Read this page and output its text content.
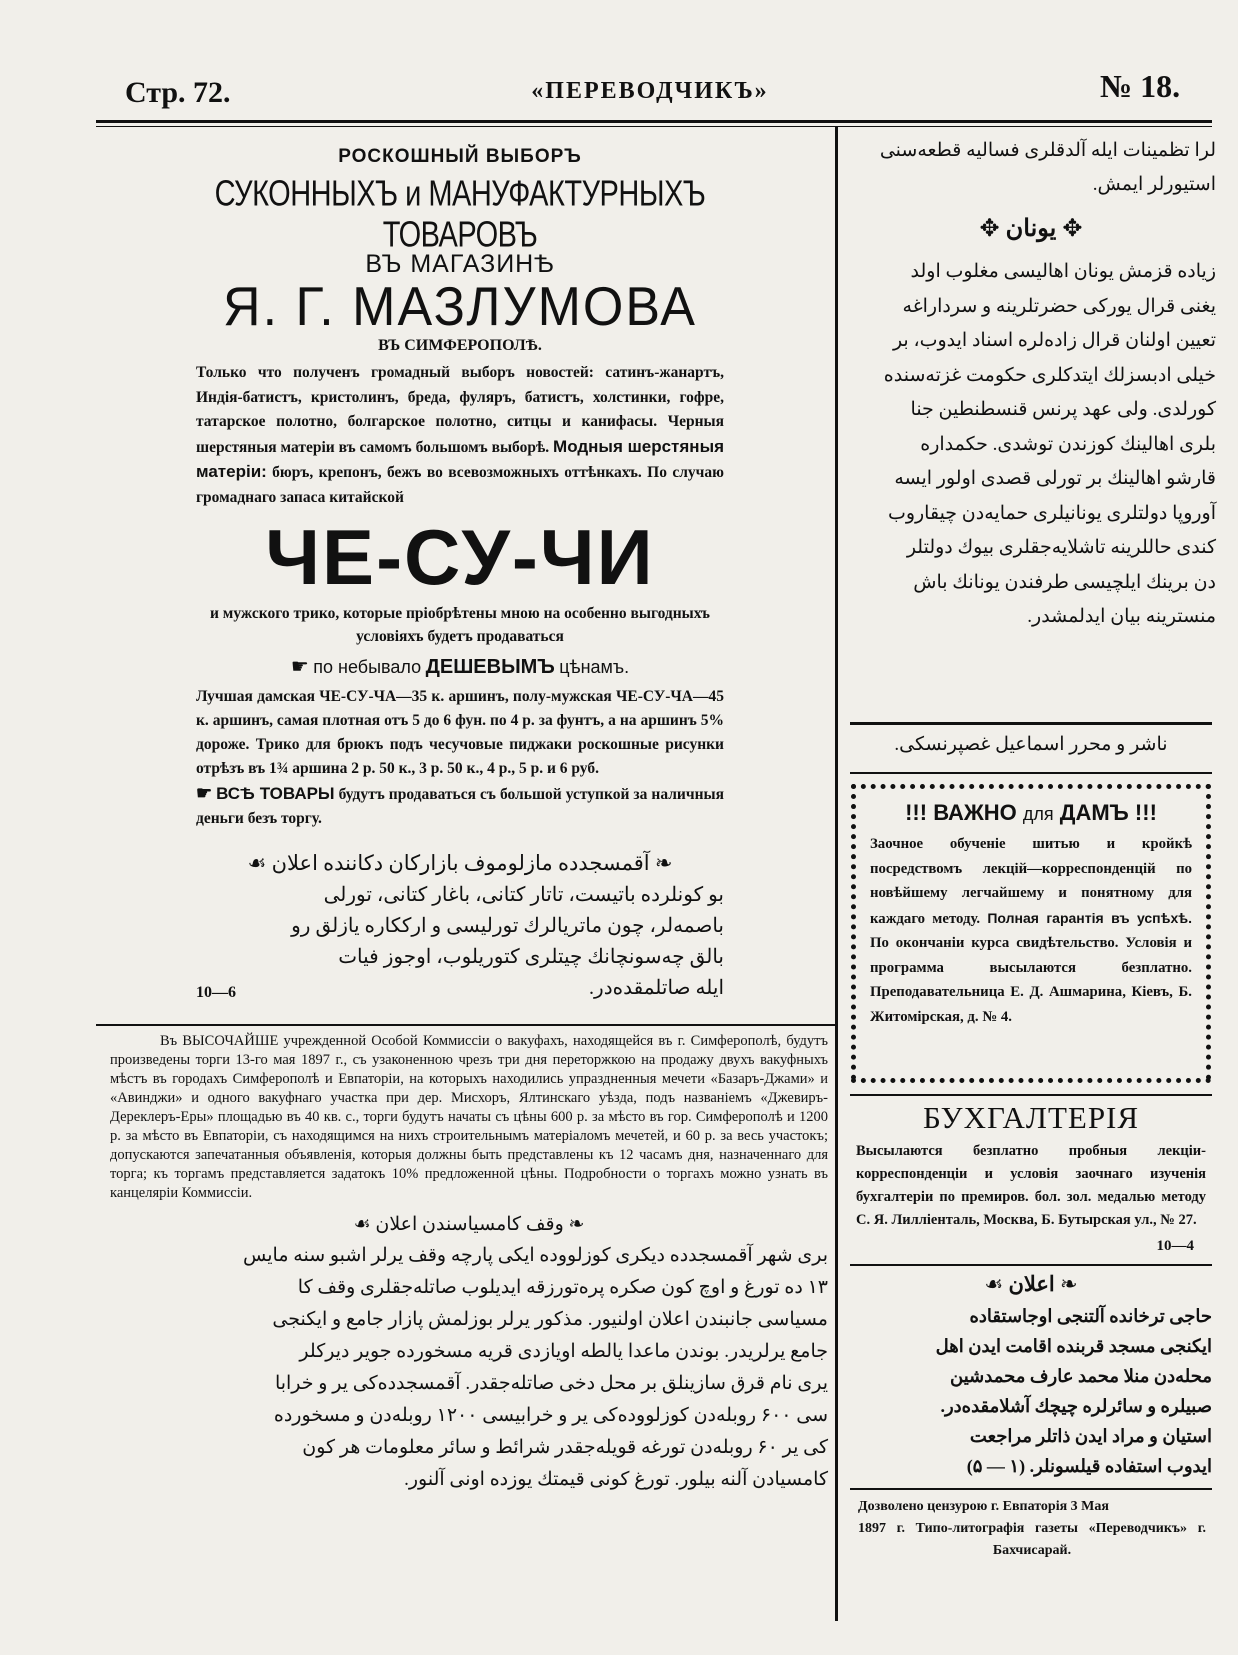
Стр. 72.	«ПЕРЕВОДЧИКЪ»	№ 18.
РОСКОШНЫЙ ВЫБОРЪ
СУКОННЫХЪ и МАНУФАКТУРНЫХЪ ТОВАРОВЪ
ВЪ МАГАЗИНѢ
Я. Г. МАЗЛУМОВА
ВЪ СИМФЕРОПОЛѢ.

Только что полученъ громадный выборъ новостей: сатинъ-жанартъ, Индія-батистъ, кристолинъ, бреда, фуляръ, батистъ, холстинки, гофре, татарское полотно, болгарское полотно, ситцы и канифасы. Черныя шерстяныя матеріи въ самомъ большомъ выборѣ. Модныя шерстяныя матеріи: бюръ, крепонъ, бежъ во всевозможныхъ оттѣнкахъ. По случаю громаднаго запаса китайской

ЧЕ-СУ-ЧИ

и мужского трико, которые пріобрѣтены мною на особенно выгодныхъ условіяхъ будетъ продаваться

☛ по небывало ДЕШЕВЫМЪ цѣнамъ.

Лучшая дамская ЧЕ-СУ-ЧА—35 к. аршинъ, полу-мужская ЧЕ-СУ-ЧА—45 к. аршинъ, самая плотная отъ 5 до 6 фун. по 4 р. за фунтъ, а на аршинъ 5% дороже. Трико для брюкъ подъ чесучовые пиджаки роскошные рисунки отрѣзъ въ 1¾ аршина 2 р. 50 к., 3 р. 50 к., 4 р., 5 р. и 6 руб.

☛ ВСѢ ТОВАРЫ будутъ продаваться съ большой уступкой за наличныя деньги безъ торгу.

❧ آقمسجدده مازلوموف بازارکان دکاننده اعلان ☙
بو کونلرده باتیست، تاتار کتانی، باغار کتانی، تورلی
باصمه‌لر، چون ماتریالرك تورلیسی و ارککاره یازلق رو
بالق چه‌سونچانك چیتلری کتوریلوب، اوجوز فیات
ایله صاتلمقده‌در.
10—6

Въ ВЫСОЧАЙШЕ учрежденной Особой Коммиссіи о вакуфахъ, находящейся въ г. Симферополѣ, будутъ произведены торги 13-го мая 1897 г., съ узаконенною чрезъ три дня переторжкою на продажу двухъ вакуфныхъ мѣстъ въ городахъ Симферополѣ и Евпаторіи, на которыхъ находились упраздненныя мечети «Базаръ-Джами» и «Авинджи» и одного вакуфнаго участка при дер. Мисхоръ, Ялтинскаго уѣзда, подъ названіемъ «Джевиръ-Дереклеръ-Еры» площадью въ 40 кв. с., торги будутъ начаты съ цѣны 600 р. за мѣсто въ гор. Симферополѣ и 1200 р. за мѣсто въ Евпаторіи, съ находящимся на нихъ строительнымъ матеріаломъ мечетей, и 60 р. за весь участокъ; допускаются запечатанныя объявленія, которыя должны быть представлены къ 12 часамъ дня, назначеннаго для торга; къ торгамъ представляется задатокъ 10% предложенной цѣны. Подробности о торгахъ можно узнать въ канцеляріи Коммиссіи.

❧ وقف کامسیاسندن اعلان ☙
بری شهر آقمسجدده دیکری کوزلووده ایکی پارچه وقف یرلر اشبو سنه مایس
۱۳ ده تورغ و اوچ کون صکره پره‌تورزقه ایدیلوب صاتله‌جقلری وقف کا
مسیاسی جانبندن اعلان اولنیور. مذکور یرلر بوزلمش پازار جامع و ایکنجی
جامع یرلریدر. بوندن ماعدا یالطه اویازدی قریه مسخورده جویر دیرکلر
یری نام قرق سازینلق بر محل دخی صاتله‌جقدر. آقمسجدده‌کی یر و خرابا
سی ۶۰۰ روبله‌دن کوزلووده‌کی یر و خرابیسی ۱۲۰۰ روبله‌دن و مسخورده
کی یر ۶۰ روبله‌دن تورغه قویله‌جقدر شرائط و سائر معلومات هر کون
کامسیادن آلنه بیلور. تورغ کونی قیمتك یوزده اونی آلنور.
لرا تظمینات ایله آلدقلری فسالیه قطعه‌سنی
استیورلر ایمش.
✥ یونان ✥
زیاده قزمش یونان اهالیسی مغلوب اولد
یغنی قرال یورکی حضرتلرینه و سرداراغه
تعیین اولنان قرال زاده‌لره اسناد ایدوب، بر
خیلی ادبسزلك ایتدکلری حکومت غزته‌سنده
کورلدی. ولی عهد پرنس قنسطنطین جنا
بلری اهالینك کوزندن توشدی. حکمداره
قارشو اهالینك بر تورلی قصدی اولور ایسه
آوروپا دولتلری یونانیلری حمایه‌دن چیقاروب
کندی حاللرینه تاشلایه‌جقلری بیوك دولتلر
دن برینك ایلچیسی طرفندن یونانك باش
منسترینه بیان ایدلمشدر.
ناشر و محرر اسماعیل غصپرنسکی.
!!! ВАЖНО для ДАМЪ !!!

Заочное обученіе шитью и кройкѣ посредствомъ лекцій—корреспонденцій по новѣйшему легчайшему и понятному для каждаго методу. Полная гарантія въ успѣхѣ. По окончаніи курса свидѣтельство. Условія и программа высылаются безплатно. Преподавательница Е. Д. Ашмарина, Кіевъ, Б. Житомірская, д. № 4.

БУХГАЛТЕРІЯ

Высылаются безплатно пробныя лекціи-корреспонденціи и условія заочнаго изученія бухгалтеріи по премиров. бол. зол. медалью методу С. Я. Лилліенталь, Москва, Б. Бутырская ул., № 27.

10—4
❧ اعلان ☙
حاجی ترخانده آلتنجی اوجاستقاده
ایکنجی مسجد قربنده اقامت ایدن اهل
محله‌دن منلا محمد عارف محمدشین
صبیلره و سائرلره چیچك آشلامقده‌در.
استیان و مراد ایدن ذاتلر مراجعت
ایدوب استفاده قیلسونلر. (۱ — ۵)

Дозволено цензурою г. Евпаторія 3 Мая

1897 г. Типо-литографія газеты «Переводчикъ» г. Бахчисарай.
